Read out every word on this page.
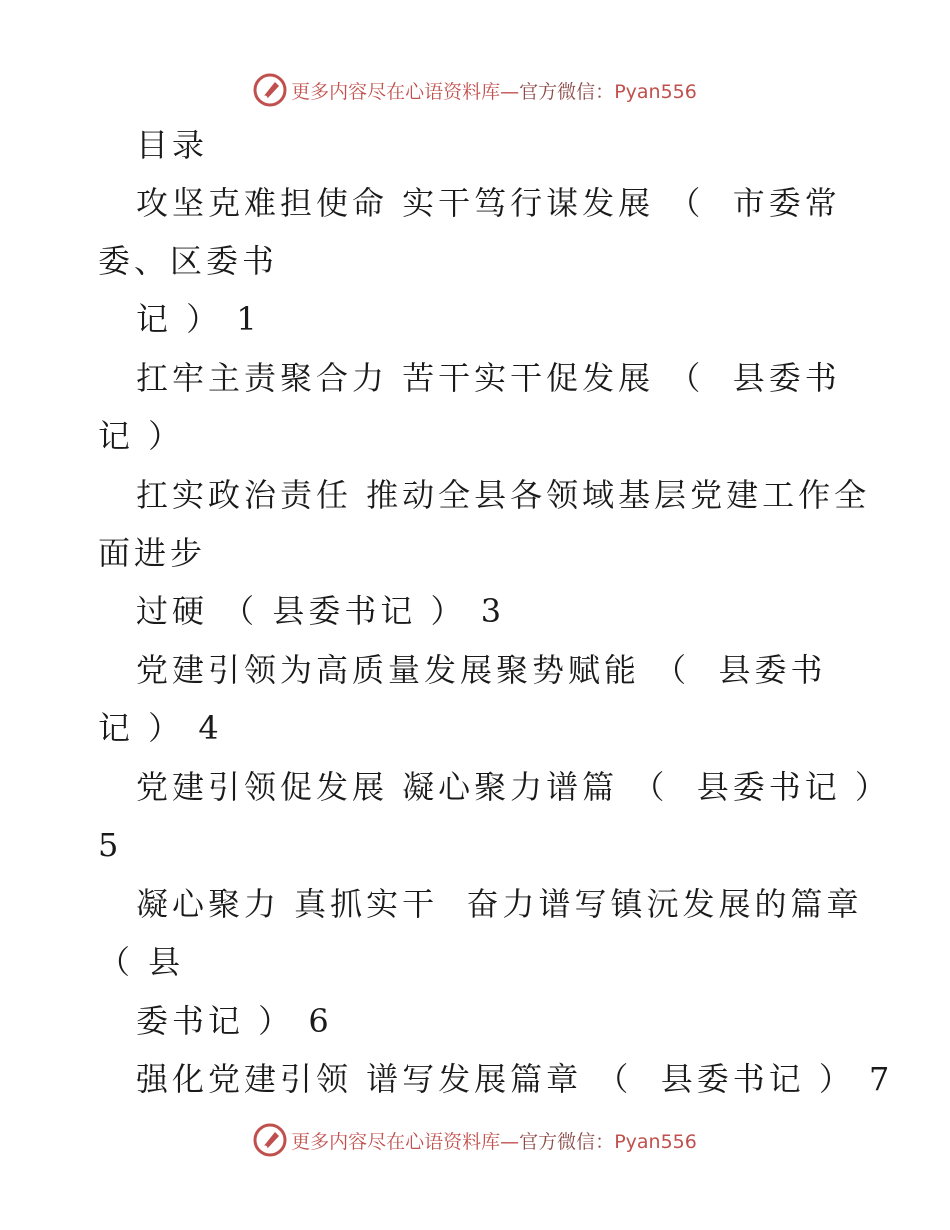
更多内容尽在心语资料库—官方微信：Pyan556
目录
攻坚克难担使命 实干笃行谋发展 （  市委常
委、区委书
记 ） 1
扛牢主责聚合力 苦干实干促发展 （  县委书
记 ）
扛实政治责任 推动全县各领域基层党建工作全
面进步
过硬 （ 县委书记 ） 3
党建引领为高质量发展聚势赋能 （  县委书
记 ） 4
党建引领促发展 凝心聚力谱篇 （  县委书记 ）
5
凝心聚力 真抓实干  奋力谱写镇沅发展的篇章
（ 县
委书记 ） 6
强化党建引领 谱写发展篇章 （  县委书记 ） 7
更多内容尽在心语资料库—官方微信：Pyan556
